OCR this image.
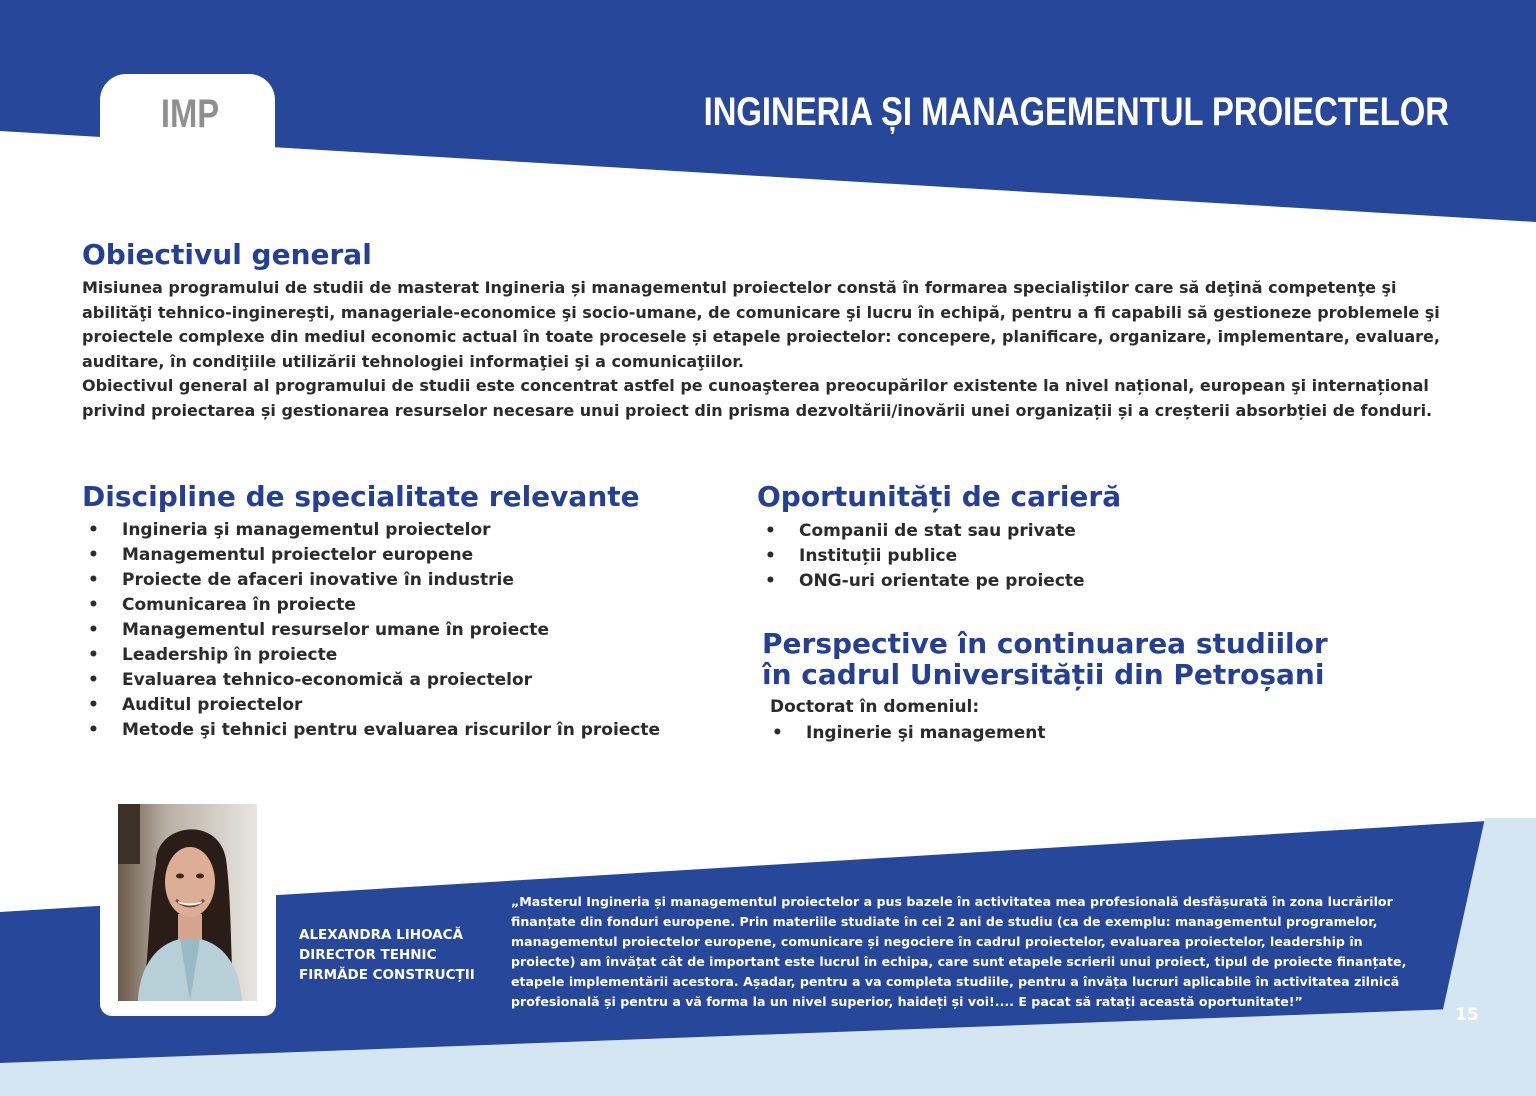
IMP	INGINERIA ȘI MANAGEMENTUL PROIECTELOR
Obiectivul general

Misiunea programului de studii de masterat Ingineria și managementul proiectelor constă în formarea specialiştilor care să deţină competenţe şi abilităţi tehnico-inginereşti, manageriale-economice şi socio-umane, de comunicare şi lucru în echipă, pentru a fi capabili să gestioneze problemele şi proiectele complexe din mediul economic actual în toate procesele și etapele proiectelor: concepere, planificare, organizare, implementare, evaluare, auditare, în condiţiile utilizării tehnologiei informaţiei şi a comunicaţiilor.

Obiectivul general al programului de studii este concentrat astfel pe cunoaşterea preocupărilor existente la nivel național, european şi internațional privind proiectarea și gestionarea resurselor necesare unui proiect din prisma dezvoltării/inovării unei organizații și a creșterii absorbției de fonduri.

Discipline de specialitate relevante
• Ingineria şi managementul proiectelor
• Managementul proiectelor europene
• Proiecte de afaceri inovative în industrie
• Comunicarea în proiecte
• Managementul resurselor umane în proiecte
• Leadership în proiecte
• Evaluarea tehnico-economică a proiectelor
• Auditul proiectelor
• Metode şi tehnici pentru evaluarea riscurilor în proiecte
Oportunități de carieră
• Companii de stat sau private
• Instituții publice
• ONG-uri orientate pe proiecte
Perspective în continuarea studiilor
în cadrul Universității din Petroșani
Doctorat în domeniul:
• Inginerie şi management
ALEXANDRA LIHOACĂ
DIRECTOR TEHNIC
FIRMĂDE CONSTRUCȚII
„Masterul Ingineria și managementul proiectelor a pus bazele în activitatea mea profesională desfășurată în zona lucrărilor finanțate din fonduri europene. Prin materiile studiate în cei 2 ani de studiu (ca de exemplu: managementul programelor, managementul proiectelor europene, comunicare și negociere în cadrul proiectelor, evaluarea proiectelor, leadership în proiecte) am învățat cât de important este lucrul în echipa, care sunt etapele scrierii unui proiect, tipul de proiecte finanțate, etapele implementării acestora. Așadar, pentru a va completa studiile, pentru a învăța lucruri aplicabile în activitatea zilnică profesională și pentru a vă forma la un nivel superior, haideți și voi!.... E pacat să ratați această oportunitate!”
15
